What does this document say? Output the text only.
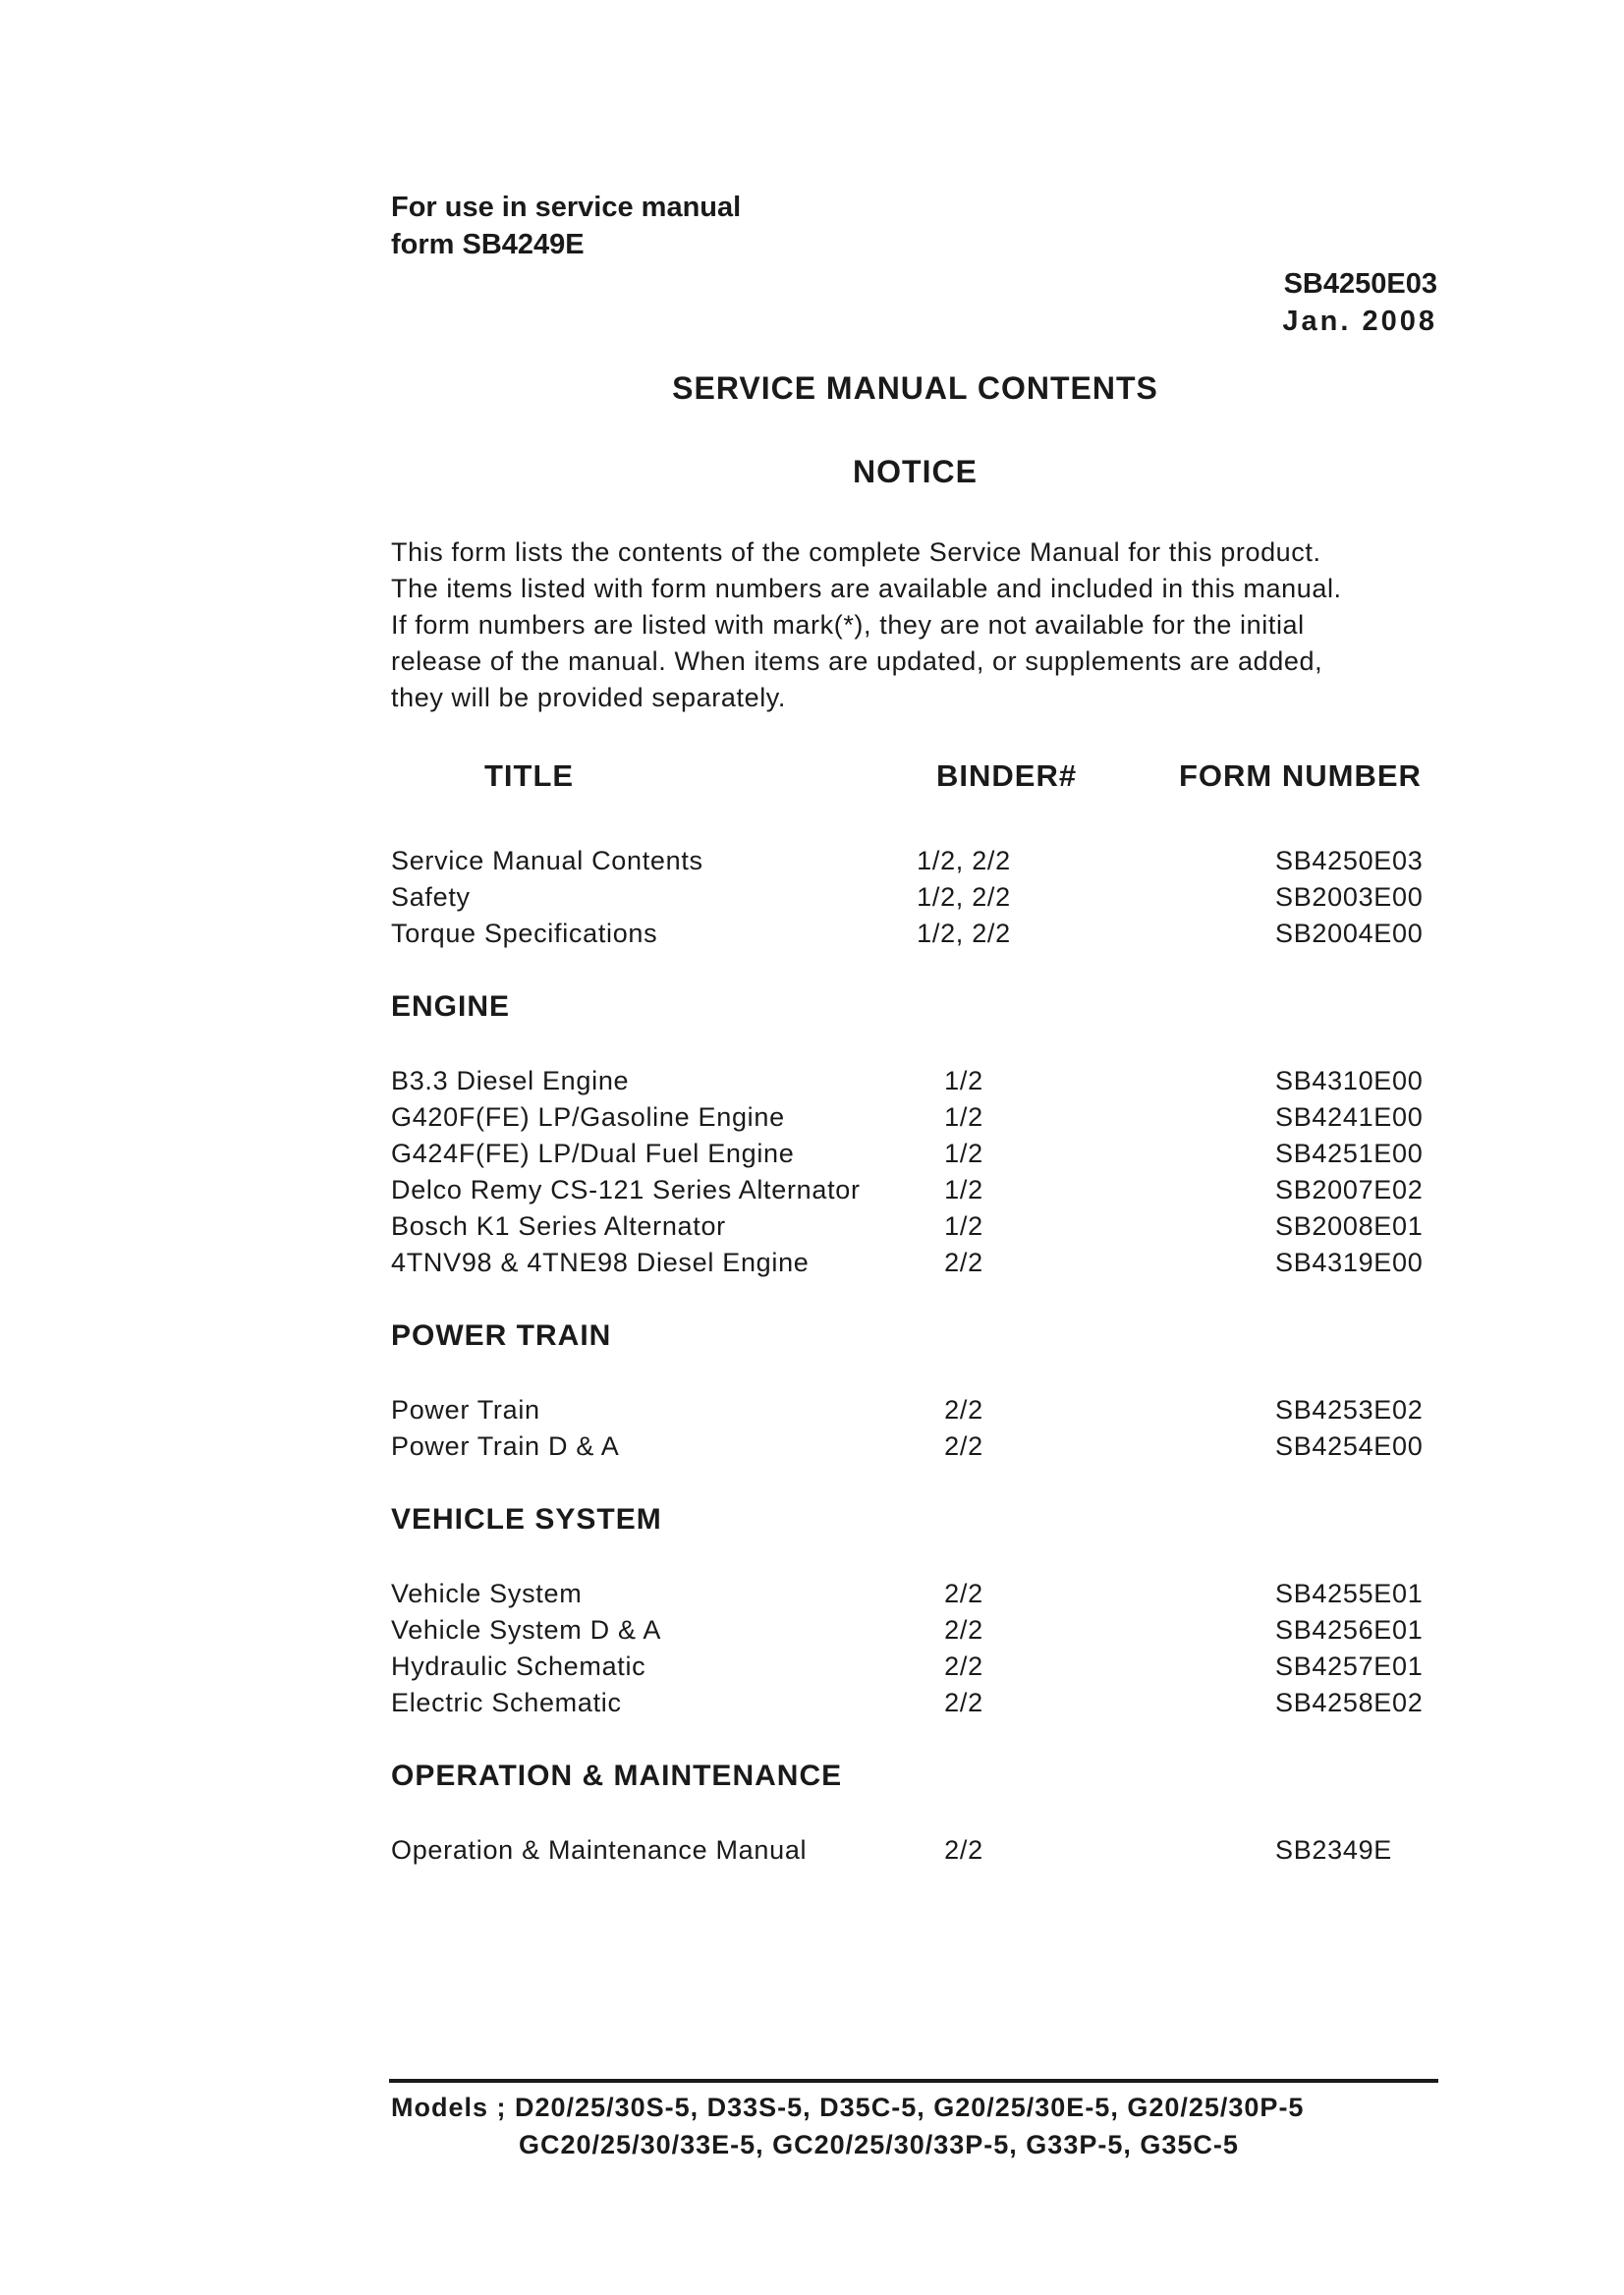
For use in service manual
form SB4249E
SB4250E03
Jan. 2008
SERVICE MANUAL CONTENTS
NOTICE

This form lists the contents of the complete Service Manual for this product.

The items listed with form numbers are available and included in this manual.

If form numbers are listed with mark(*), they are not available for the initial

release of the manual. When items are updated, or supplements are added,

they will be provided separately.

TITLE	BINDER#	FORM NUMBER
Service Manual Contents	1/2, 2/2	SB4250E03
Safety	1/2, 2/2	SB2003E00
Torque Specifications	1/2, 2/2	SB2004E00
ENGINE
B3.3 Diesel Engine	1/2	SB4310E00
G420F(FE) LP/Gasoline Engine	1/2	SB4241E00
G424F(FE) LP/Dual Fuel Engine	1/2	SB4251E00
Delco Remy CS-121 Series Alternator	1/2	SB2007E02
Bosch K1 Series Alternator	1/2	SB2008E01
4TNV98 & 4TNE98 Diesel Engine	2/2	SB4319E00
POWER TRAIN
Power Train	2/2	SB4253E02
Power Train D & A	2/2	SB4254E00
VEHICLE SYSTEM
Vehicle System	2/2	SB4255E01
Vehicle System D & A	2/2	SB4256E01
Hydraulic Schematic	2/2	SB4257E01
Electric Schematic	2/2	SB4258E02
OPERATION & MAINTENANCE
Operation & Maintenance Manual	2/2	SB2349E
Models ; D20/25/30S-5, D33S-5, D35C-5, G20/25/30E-5, G20/25/30P-5
GC20/25/30/33E-5, GC20/25/30/33P-5, G33P-5, G35C-5
